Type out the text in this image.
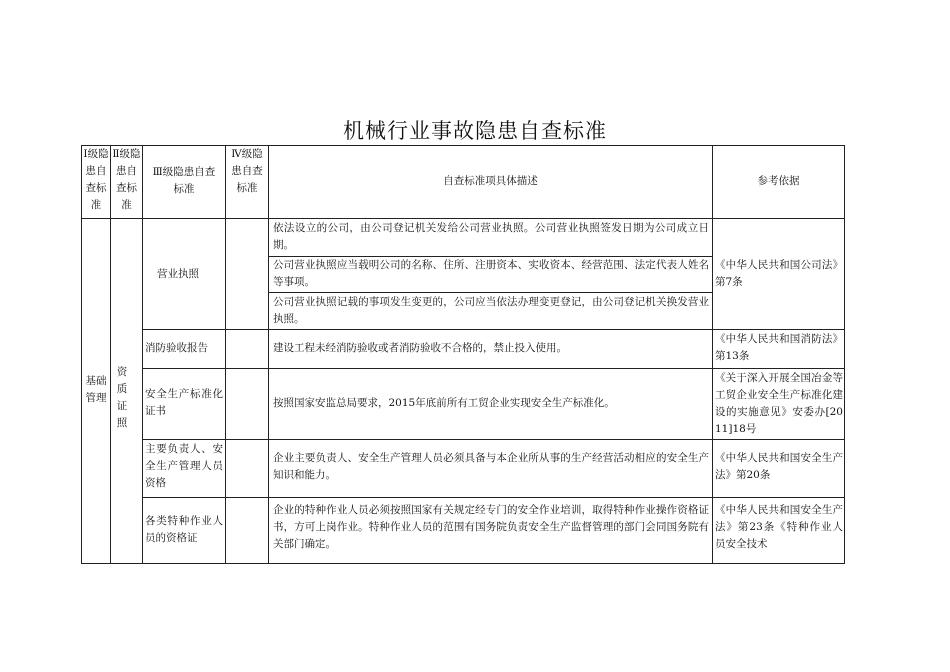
机械行业事故隐患自查标准
Ⅰ级隐患自查标准
Ⅱ级隐患自查标准
Ⅲ级隐患自查标准
Ⅳ级隐患自查标准
自查标准项具体描述	参考依据
基础管理
资质证照
营业执照
依法设立的公司，由公司登记机关发给公司营业执照。公司营业执照签发日期为公司成立日期。
公司营业执照应当载明公司的名称、住所、注册资本、实收资本、经营范围、法定代表人姓名等事项。
公司营业执照记载的事项发生变更的，公司应当依法办理变更登记，由公司登记机关换发营业执照。
《中华人民共和国公司法》第7条
消防验收报告	建设工程未经消防验收或者消防验收不合格的，禁止投入使用。
《中华人民共和国消防法》 第13条
安全生产标准化证书
按照国家安监总局要求，2015年底前所有工贸企业实现安全生产标准化。
《关于深入开展全国冶金等工贸企业安全生产标准化建设的实施意见》安委办[2011]18号
主要负责人、安全生产管理人员资格
企业主要负责人、安全生产管理人员必须具备与本企业所从事的生产经营活动相应的安全生产知识和能力。
《中华人民共和国安全生产法》第20条
各类特种作业人员的资格证
企业的特种作业人员必须按照国家有关规定经专门的安全作业培训，取得特种作业操作资格证书，方可上岗作业。特种作业人员的范围有国务院负责安全生产监督管理的部门会同国务院有关部门确定。
《中华人民共和国安全生产法》第23条《特种作业人员安全技术
